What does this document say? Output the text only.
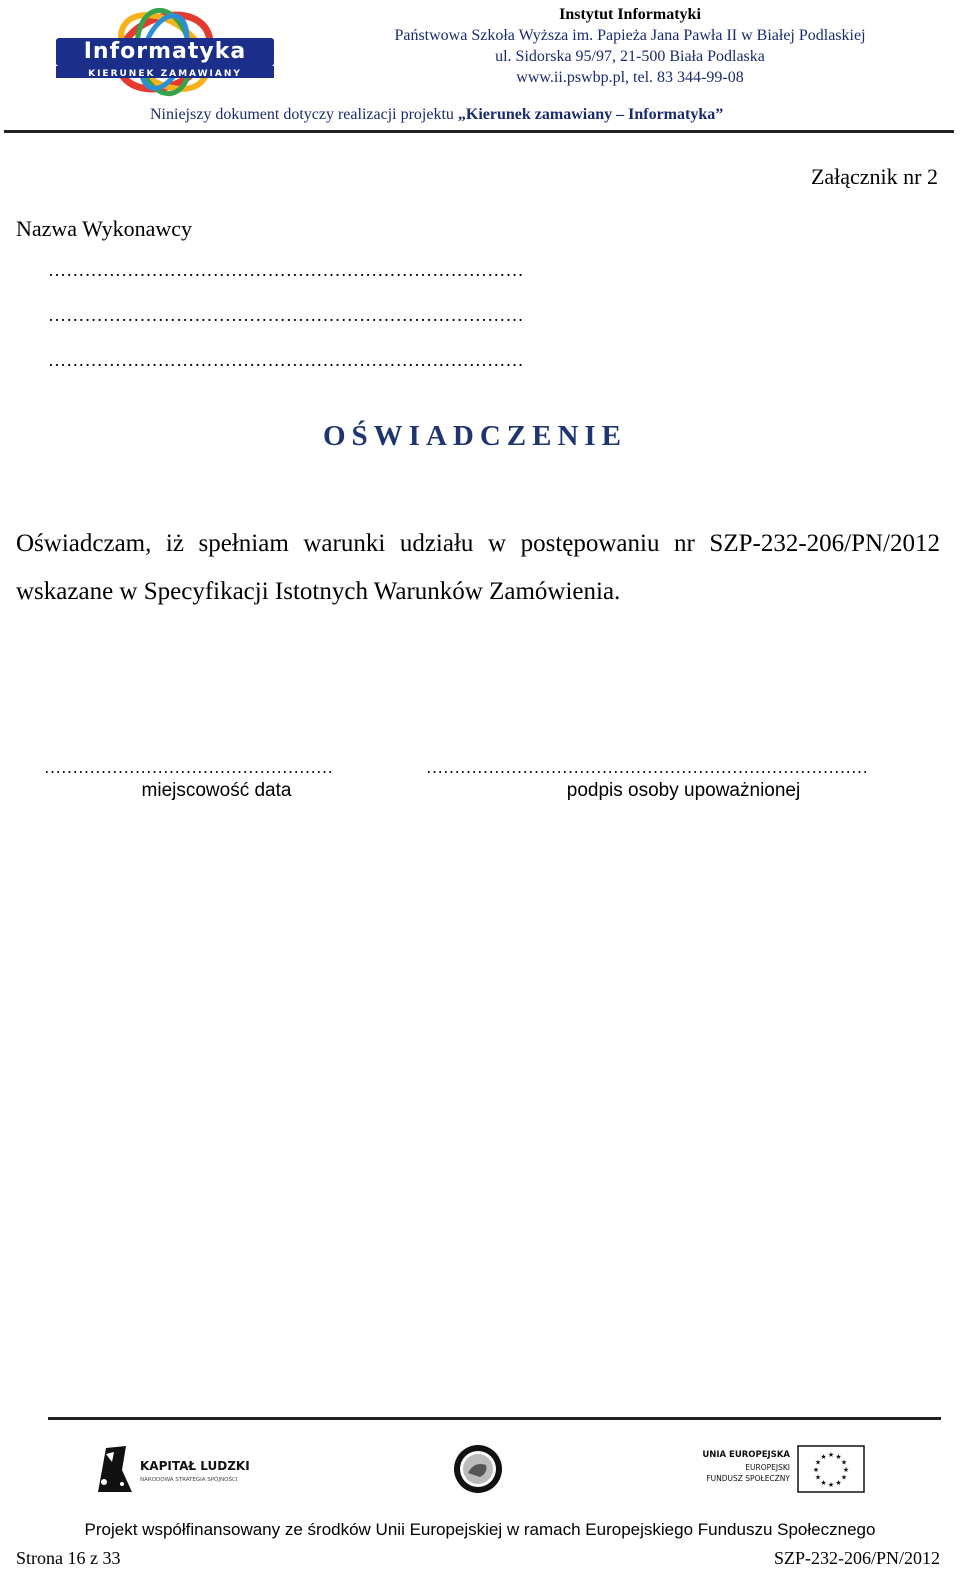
Informatyka
KIERUNEK ZAMAWIANY
Instytut Informatyki
Państwowa Szkoła Wyższa im. Papieża Jana Pawła II w Białej Podlaskiej
ul. Sidorska 95/97, 21-500 Biała Podlaska
www.ii.pswbp.pl, tel. 83 344-99-08
Niniejszy dokument dotyczy realizacji projektu „Kierunek zamawiany – Informatyka”
Załącznik nr 2
Nazwa Wykonawcy
……………………………………………………………………
……………………………………………………………………
……………………………………………………………………
OŚWIADCZENIE
Oświadczam, iż spełniam warunki udziału w postępowaniu nr SZP-232-206/PN/2012 wskazane w Specyfikacji Istotnych Warunków Zamówienia.
……………………………………………	……………………………………………………………………
miejscowość data	podpis osoby upoważnionej
KAPITAŁ LUDZKI
NARODOWA STRATEGIA SPÓJNOŚCI
UNIA EUROPEJSKA
EUROPEJSKI
FUNDUSZ SPOŁECZNY
★
★
★
★
★
★
★
★
★ ★ ★
★
Projekt współfinansowany ze środków Unii Europejskiej w ramach Europejskiego Funduszu Społecznego
Strona 16 z 33	SZP-232-206/PN/2012
